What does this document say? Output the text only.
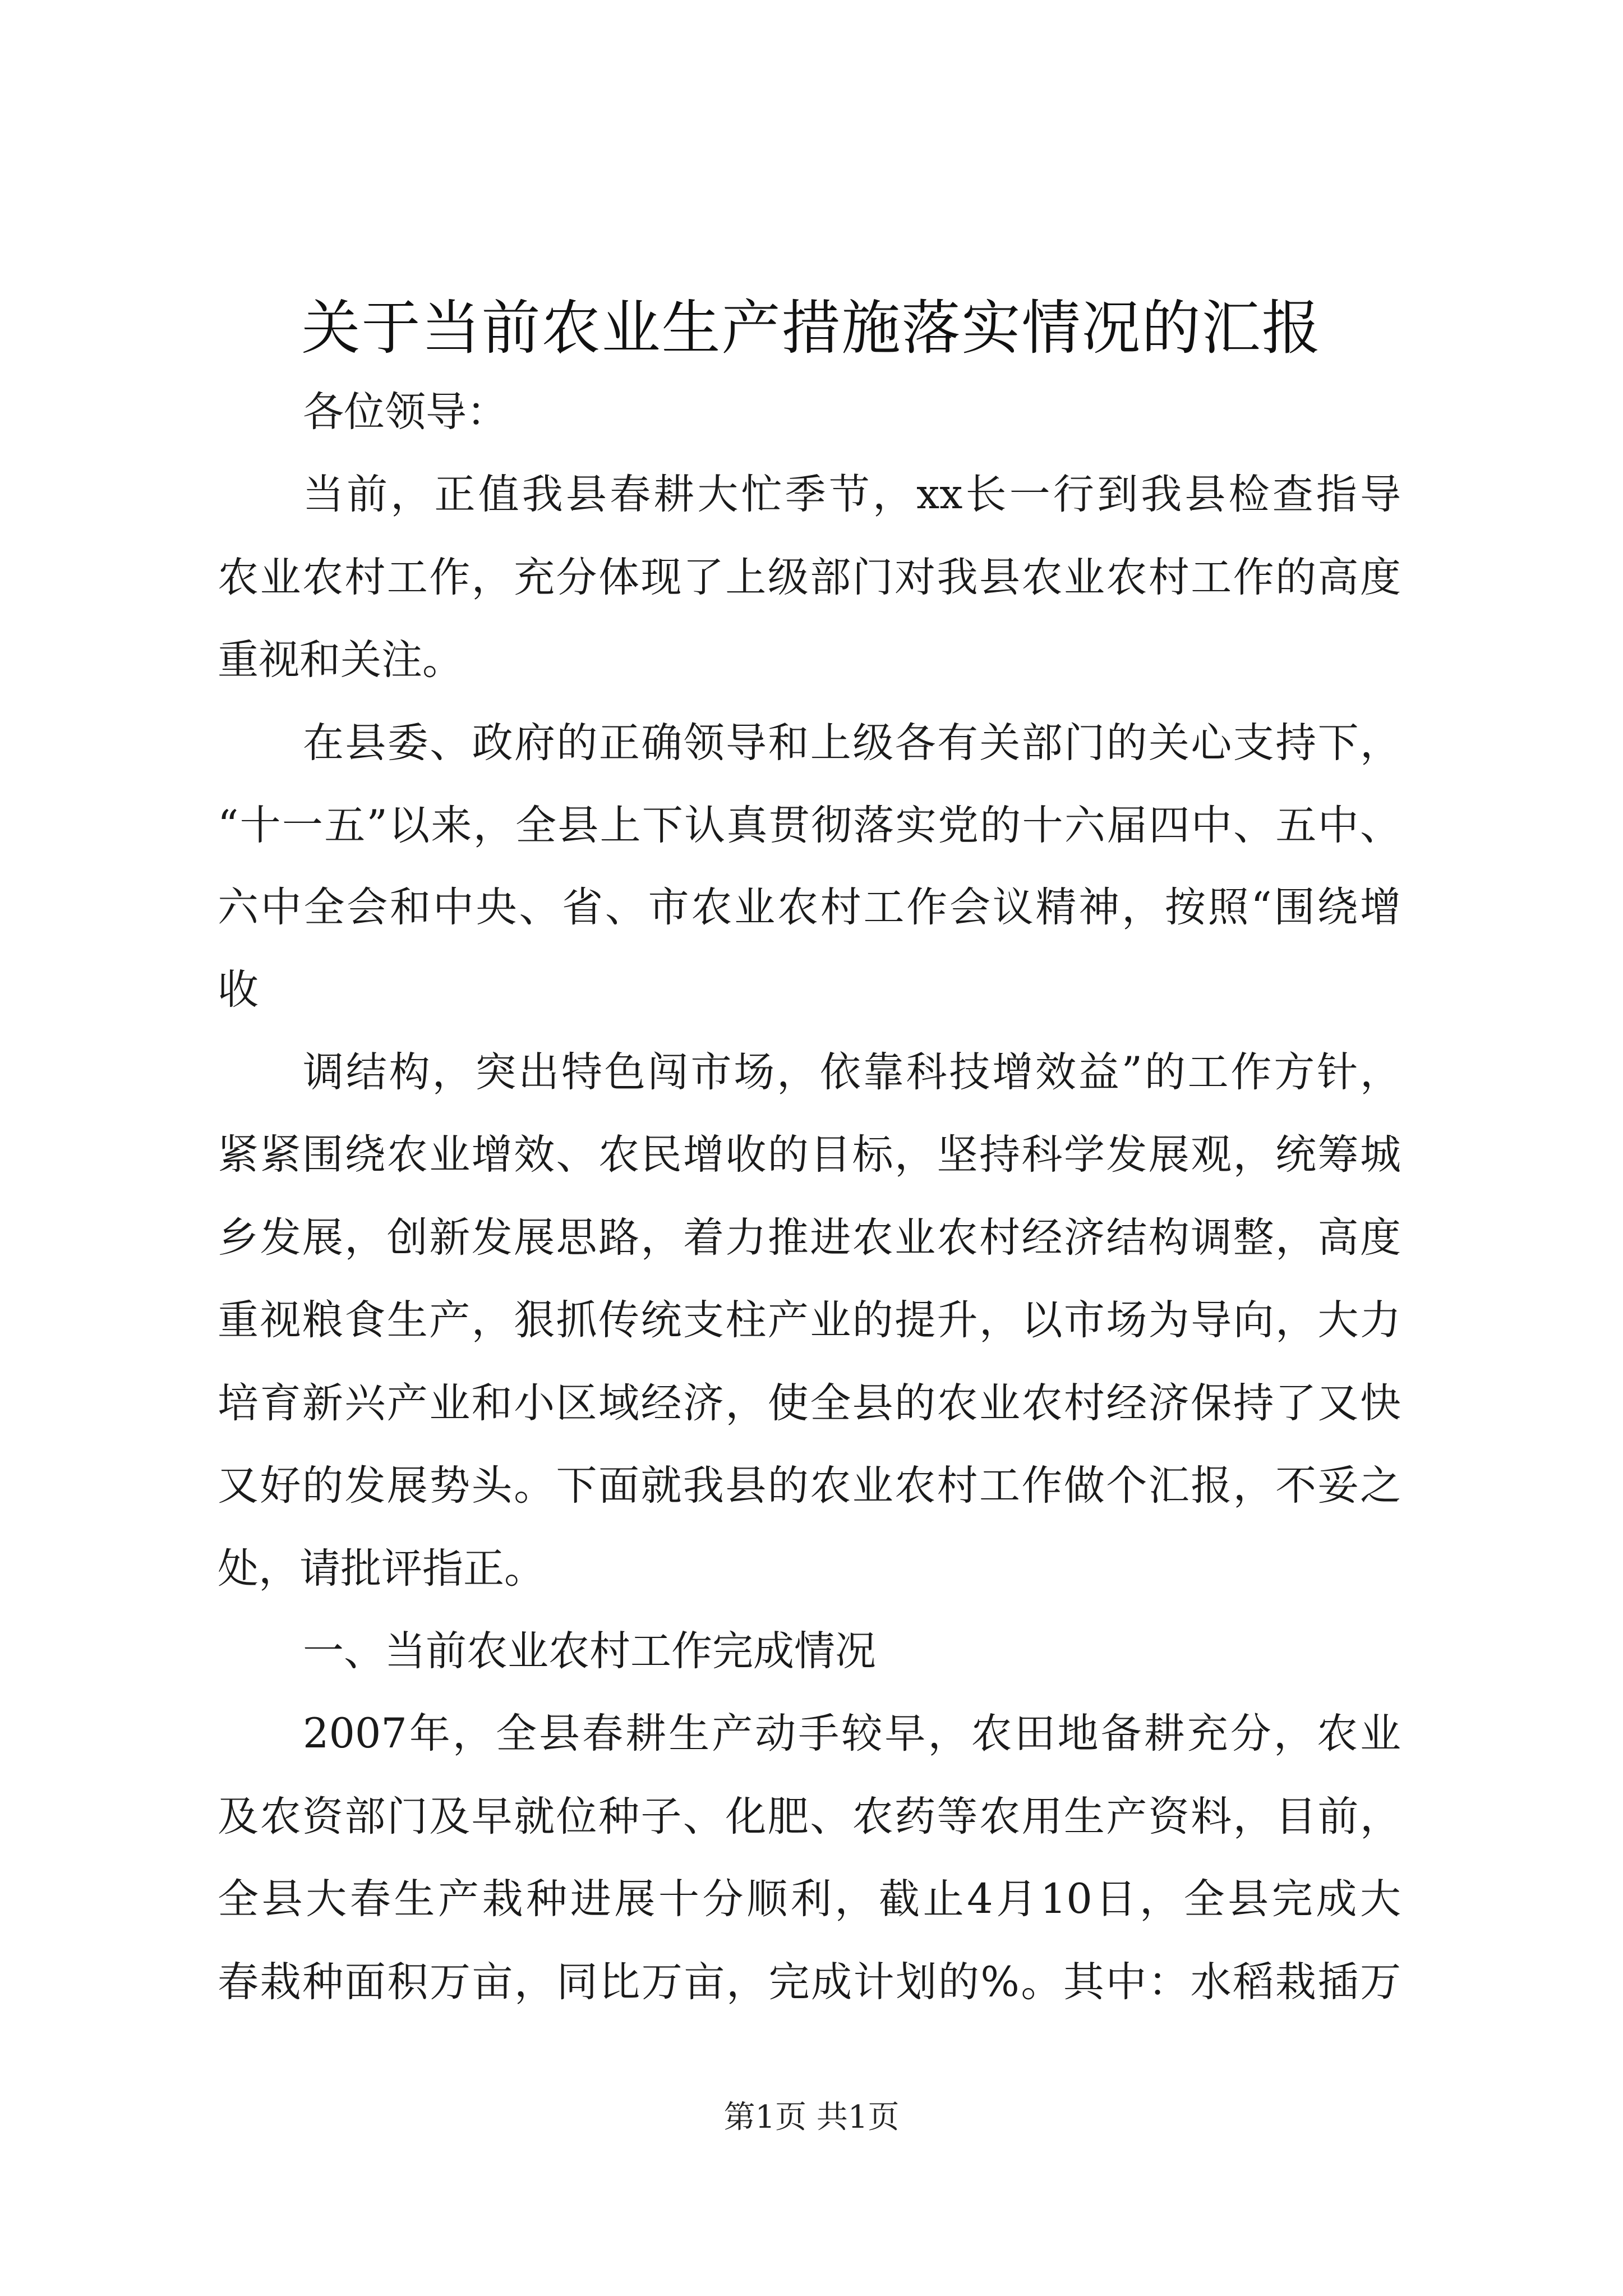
关于当前农业生产措施落实情况的汇报
各位领导：
当前，正值我县春耕大忙季节，xx长一行到我县检查指导
农业农村工作，充分体现了上级部门对我县农业农村工作的高度
重视和关注。
在县委、政府的正确领导和上级各有关部门的关心支持下，
“十一五”以来，全县上下认真贯彻落实党的十六届四中、五中、
六中全会和中央、省、市农业农村工作会议精神，按照“围绕增
收
调结构，突出特色闯市场，依靠科技增效益”的工作方针，
紧紧围绕农业增效、农民增收的目标，坚持科学发展观，统筹城
乡发展，创新发展思路，着力推进农业农村经济结构调整，高度
重视粮食生产，狠抓传统支柱产业的提升，以市场为导向，大力
培育新兴产业和小区域经济，使全县的农业农村经济保持了又快
又好的发展势头。下面就我县的农业农村工作做个汇报，不妥之
处，请批评指正。
一、当前农业农村工作完成情况
2007年，全县春耕生产动手较早，农田地备耕充分，农业
及农资部门及早就位种子、化肥、农药等农用生产资料，目前，
全县大春生产栽种进展十分顺利，截止4月10日，全县完成大
春栽种面积万亩，同比万亩，完成计划的%。其中：水稻栽插万
第1页 共1页
